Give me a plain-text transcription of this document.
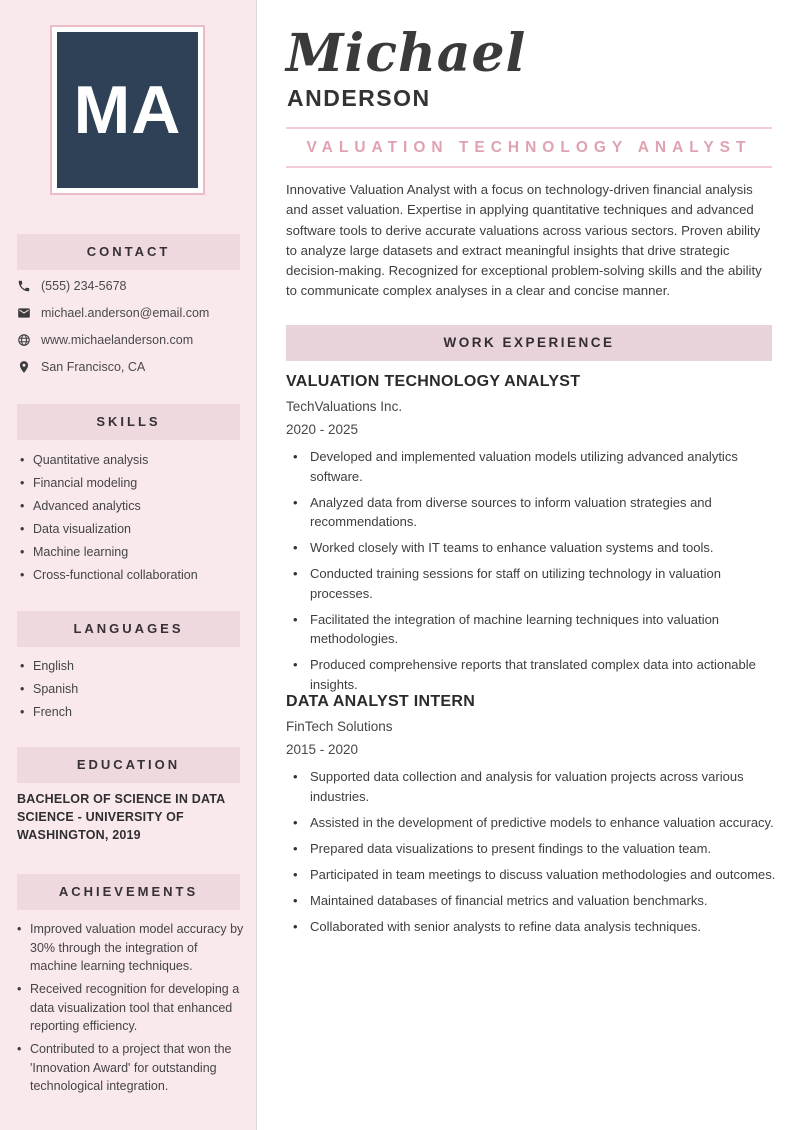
MA
CONTACT
(555) 234-5678
michael.anderson@email.com
www.michaelanderson.com
San Francisco, CA
SKILLS
• Quantitative analysis
• Financial modeling
• Advanced analytics
• Data visualization
• Machine learning
• Cross-functional collaboration
LANGUAGES
• English
• Spanish
• French
EDUCATION
BACHELOR OF SCIENCE IN DATA SCIENCE - UNIVERSITY OF WASHINGTON, 2019
ACHIEVEMENTS
• Improved valuation model accuracy by 30% through the integration of machine learning techniques.
• Received recognition for developing a data visualization tool that enhanced reporting efficiency.
• Contributed to a project that won the 'Innovation Award' for outstanding technological integration.
Michael
ANDERSON
VALUATION TECHNOLOGY ANALYST

Innovative Valuation Analyst with a focus on technology-driven financial analysis and asset valuation. Expertise in applying quantitative techniques and advanced software tools to derive accurate valuations across various sectors. Proven ability to analyze large datasets and extract meaningful insights that drive strategic decision-making. Recognized for exceptional problem-solving skills and the ability to communicate complex analyses in a clear and concise manner.

WORK EXPERIENCE
VALUATION TECHNOLOGY ANALYST
TechValuations Inc.
2020 - 2025
• Developed and implemented valuation models utilizing advanced analytics software.
• Analyzed data from diverse sources to inform valuation strategies and recommendations.
• Worked closely with IT teams to enhance valuation systems and tools.
• Conducted training sessions for staff on utilizing technology in valuation processes.
• Facilitated the integration of machine learning techniques into valuation methodologies.
• Produced comprehensive reports that translated complex data into actionable insights.
DATA ANALYST INTERN
FinTech Solutions
2015 - 2020
• Supported data collection and analysis for valuation projects across various industries.
• Assisted in the development of predictive models to enhance valuation accuracy.
• Prepared data visualizations to present findings to the valuation team.
• Participated in team meetings to discuss valuation methodologies and outcomes.
• Maintained databases of financial metrics and valuation benchmarks.
• Collaborated with senior analysts to refine data analysis techniques.
